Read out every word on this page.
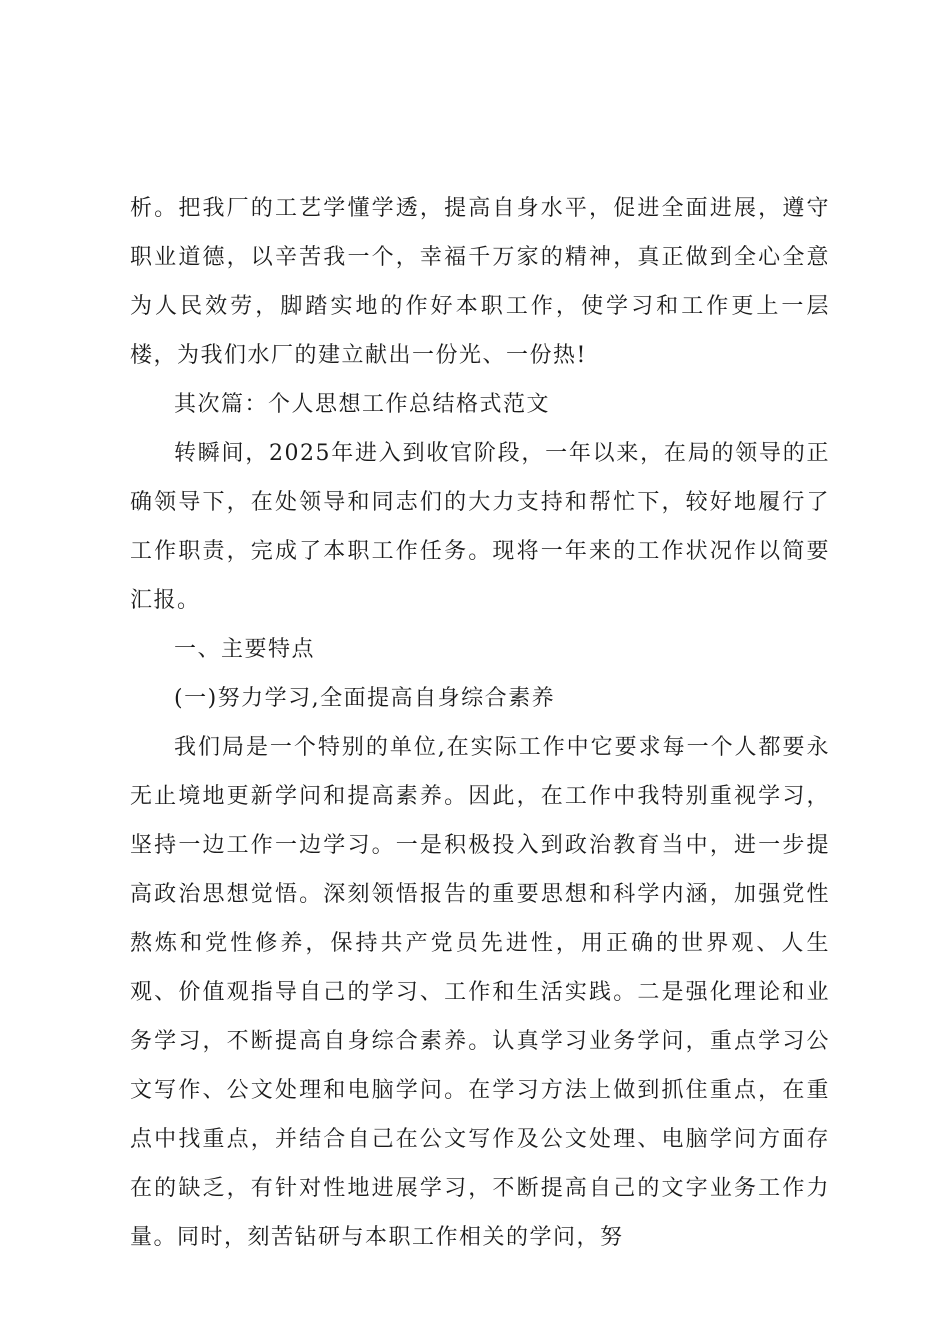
析。把我厂的工艺学懂学透，提高自身水平，促进全面进展，遵守职业道德，以辛苦我一个，幸福千万家的精神，真正做到全心全意为人民效劳，脚踏实地的作好本职工作，使学习和工作更上一层楼，为我们水厂的建立献出一份光、一份热!

其次篇：个人思想工作总结格式范文

转瞬间，2025年进入到收官阶段，一年以来，在局的领导的正确领导下，在处领导和同志们的大力支持和帮忙下，较好地履行了工作职责，完成了本职工作任务。现将一年来的工作状况作以简要汇报。

一、主要特点

(一)努力学习,全面提高自身综合素养

我们局是一个特别的单位,在实际工作中它要求每一个人都要永无止境地更新学问和提高素养。因此，在工作中我特别重视学习，坚持一边工作一边学习。一是积极投入到政治教育当中，进一步提高政治思想觉悟。深刻领悟报告的重要思想和科学内涵，加强党性熬炼和党性修养，保持共产党员先进性，用正确的世界观、人生观、价值观指导自己的学习、工作和生活实践。二是强化理论和业务学习，不断提高自身综合素养。认真学习业务学问，重点学习公文写作、公文处理和电脑学问。在学习方法上做到抓住重点，在重点中找重点，并结合自己在公文写作及公文处理、电脑学问方面存在的缺乏，有针对性地进展学习，不断提高自己的文字业务工作力量。同时，刻苦钻研与本职工作相关的学问，努
